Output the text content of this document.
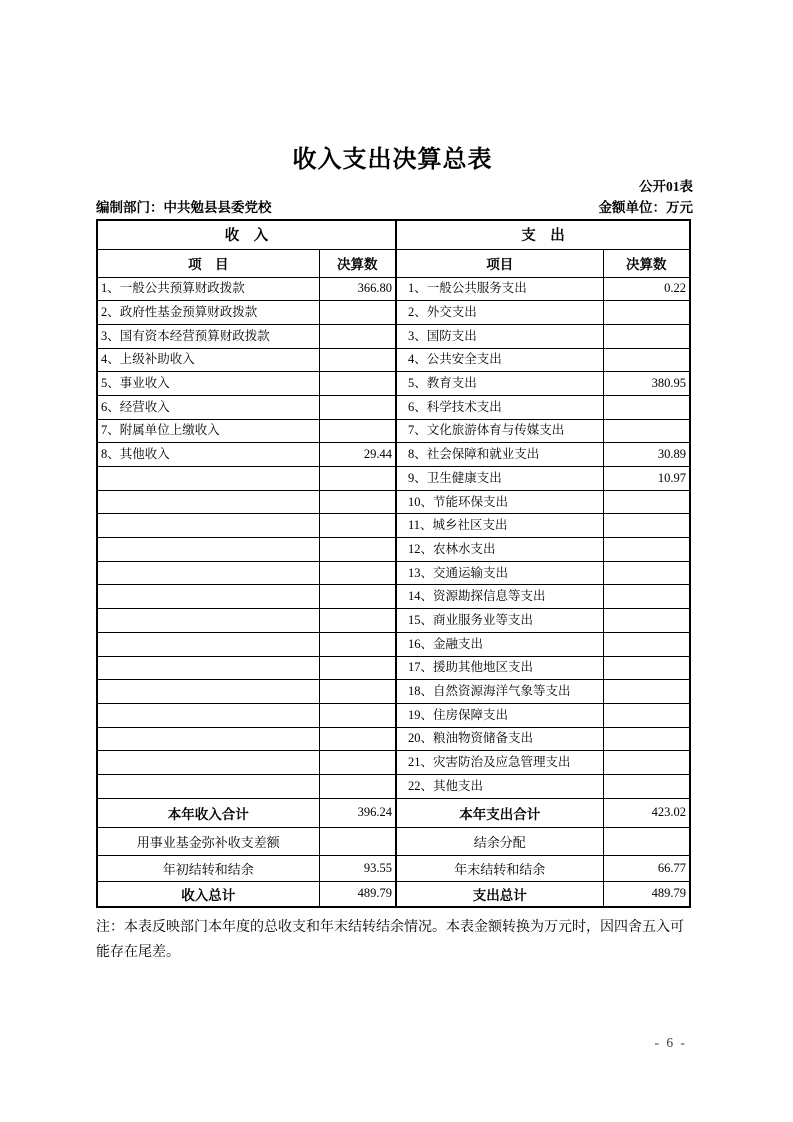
收入支出决算总表
公开01表
编制部门：中共勉县县委党校	金额单位：万元
收　入		支　出	
项　目	决算数	项目	决算数
1、一般公共预算财政拨款	366.80	1、一般公共服务支出	0.22
2、政府性基金预算财政拨款		2、外交支出	
3、国有资本经营预算财政拨款		3、国防支出	
4、上级补助收入		4、公共安全支出	
5、事业收入		5、教育支出	380.95
6、经营收入		6、科学技术支出	
7、附属单位上缴收入		7、文化旅游体育与传媒支出	
8、其他收入	29.44	8、社会保障和就业支出	30.89
		9、卫生健康支出	10.97
		10、节能环保支出	
		11、城乡社区支出	
		12、农林水支出	
		13、交通运输支出	
		14、资源勘探信息等支出	
		15、商业服务业等支出	
		16、金融支出	
		17、援助其他地区支出	
		18、自然资源海洋气象等支出	
		19、住房保障支出	
		20、粮油物资储备支出	
		21、灾害防治及应急管理支出	
		22、其他支出	
本年收入合计	396.24	本年支出合计	423.02
用事业基金弥补收支差额		结余分配	
年初结转和结余	93.55	年末结转和结余	66.77
收入总计	489.79	支出总计	489.79
注：本表反映部门本年度的总收支和年末结转结余情况。本表金额转换为万元时，因四舍五入可
能存在尾差。
- 6 -
